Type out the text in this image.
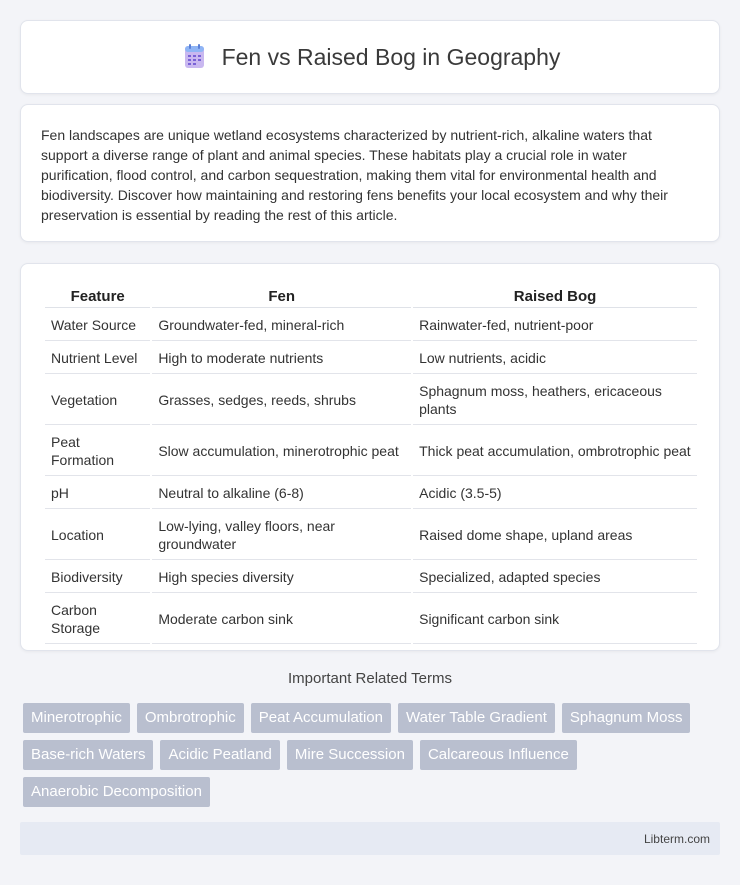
Fen vs Raised Bog in Geography

Fen landscapes are unique wetland ecosystems characterized by nutrient-rich, alkaline waters that support a diverse range of plant and animal species. These habitats play a crucial role in water purification, flood control, and carbon sequestration, making them vital for environmental health and biodiversity. Discover how maintaining and restoring fens benefits your local ecosystem and why their preservation is essential by reading the rest of this article.

Feature	Fen	Raised Bog
Water Source	Groundwater-fed, mineral-rich	Rainwater-fed, nutrient-poor
Nutrient Level	High to moderate nutrients	Low nutrients, acidic
Vegetation	Grasses, sedges, reeds, shrubs	Sphagnum moss, heathers, ericaceous plants
Peat Formation	Slow accumulation, minerotrophic peat	Thick peat accumulation, ombrotrophic peat
pH	Neutral to alkaline (6-8)	Acidic (3.5-5)
Location	Low-lying, valley floors, near groundwater	Raised dome shape, upland areas
Biodiversity	High species diversity	Specialized, adapted species
Carbon Storage	Moderate carbon sink	Significant carbon sink
Important Related Terms
Minerotrophic	Ombrotrophic	Peat Accumulation	Water Table Gradient	Sphagnum Moss
Base-rich Waters	Acidic Peatland	Mire Succession	Calcareous Influence
Anaerobic Decomposition
Libterm.com
